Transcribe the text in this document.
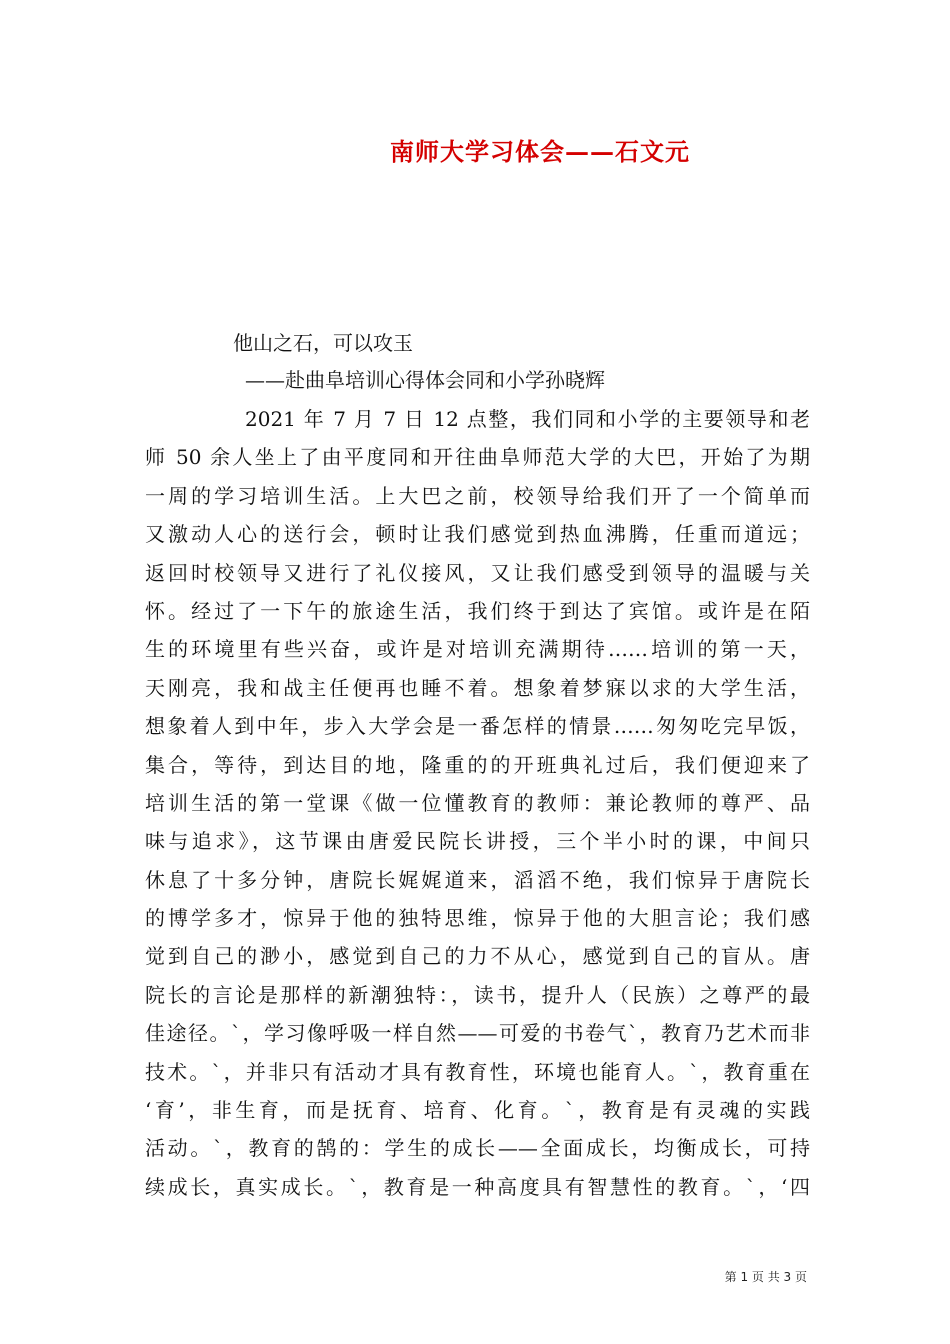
南师大学习体会——石文元
他山之石，可以攻玉
——赴曲阜培训心得体会同和小学孙晓辉
2021 年 7 月 7 日 12 点整，我们同和小学的主要领导和老
师 50 余人坐上了由平度同和开往曲阜师范大学的大巴，开始了为期
一周的学习培训生活。上大巴之前，校领导给我们开了一个简单而
又激动人心的送行会，顿时让我们感觉到热血沸腾，任重而道远；
返回时校领导又进行了礼仪接风，又让我们感受到领导的温暖与关
怀。经过了一下午的旅途生活，我们终于到达了宾馆。或许是在陌
生的环境里有些兴奋，或许是对培训充满期待……培训的第一天，
天刚亮，我和战主任便再也睡不着。想象着梦寐以求的大学生活，
想象着人到中年，步入大学会是一番怎样的情景……匆匆吃完早饭，
集合，等待，到达目的地，隆重的的开班典礼过后，我们便迎来了
培训生活的第一堂课《做一位懂教育的教师：兼论教师的尊严、品
味与追求》，这节课由唐爱民院长讲授，三个半小时的课，中间只
休息了十多分钟，唐院长娓娓道来，滔滔不绝，我们惊异于唐院长
的博学多才，惊异于他的独特思维，惊异于他的大胆言论；我们感
觉到自己的渺小，感觉到自己的力不从心，感觉到自己的盲从。唐
院长的言论是那样的新潮独特：，读书，提升人（民族）之尊严的最
佳途径。`，学习像呼吸一样自然——可爱的书卷气`，教育乃艺术而非
技术。`，并非只有活动才具有教育性，环境也能育人。`，教育重在
‘育’，非生育，而是抚育、培育、化育。`，教育是有灵魂的实践
活动。`，教育的鹄的：学生的成长——全面成长，均衡成长，可持
续成长，真实成长。`，教育是一种高度具有智慧性的教育。`，‘四
第 1 页 共 3 页
